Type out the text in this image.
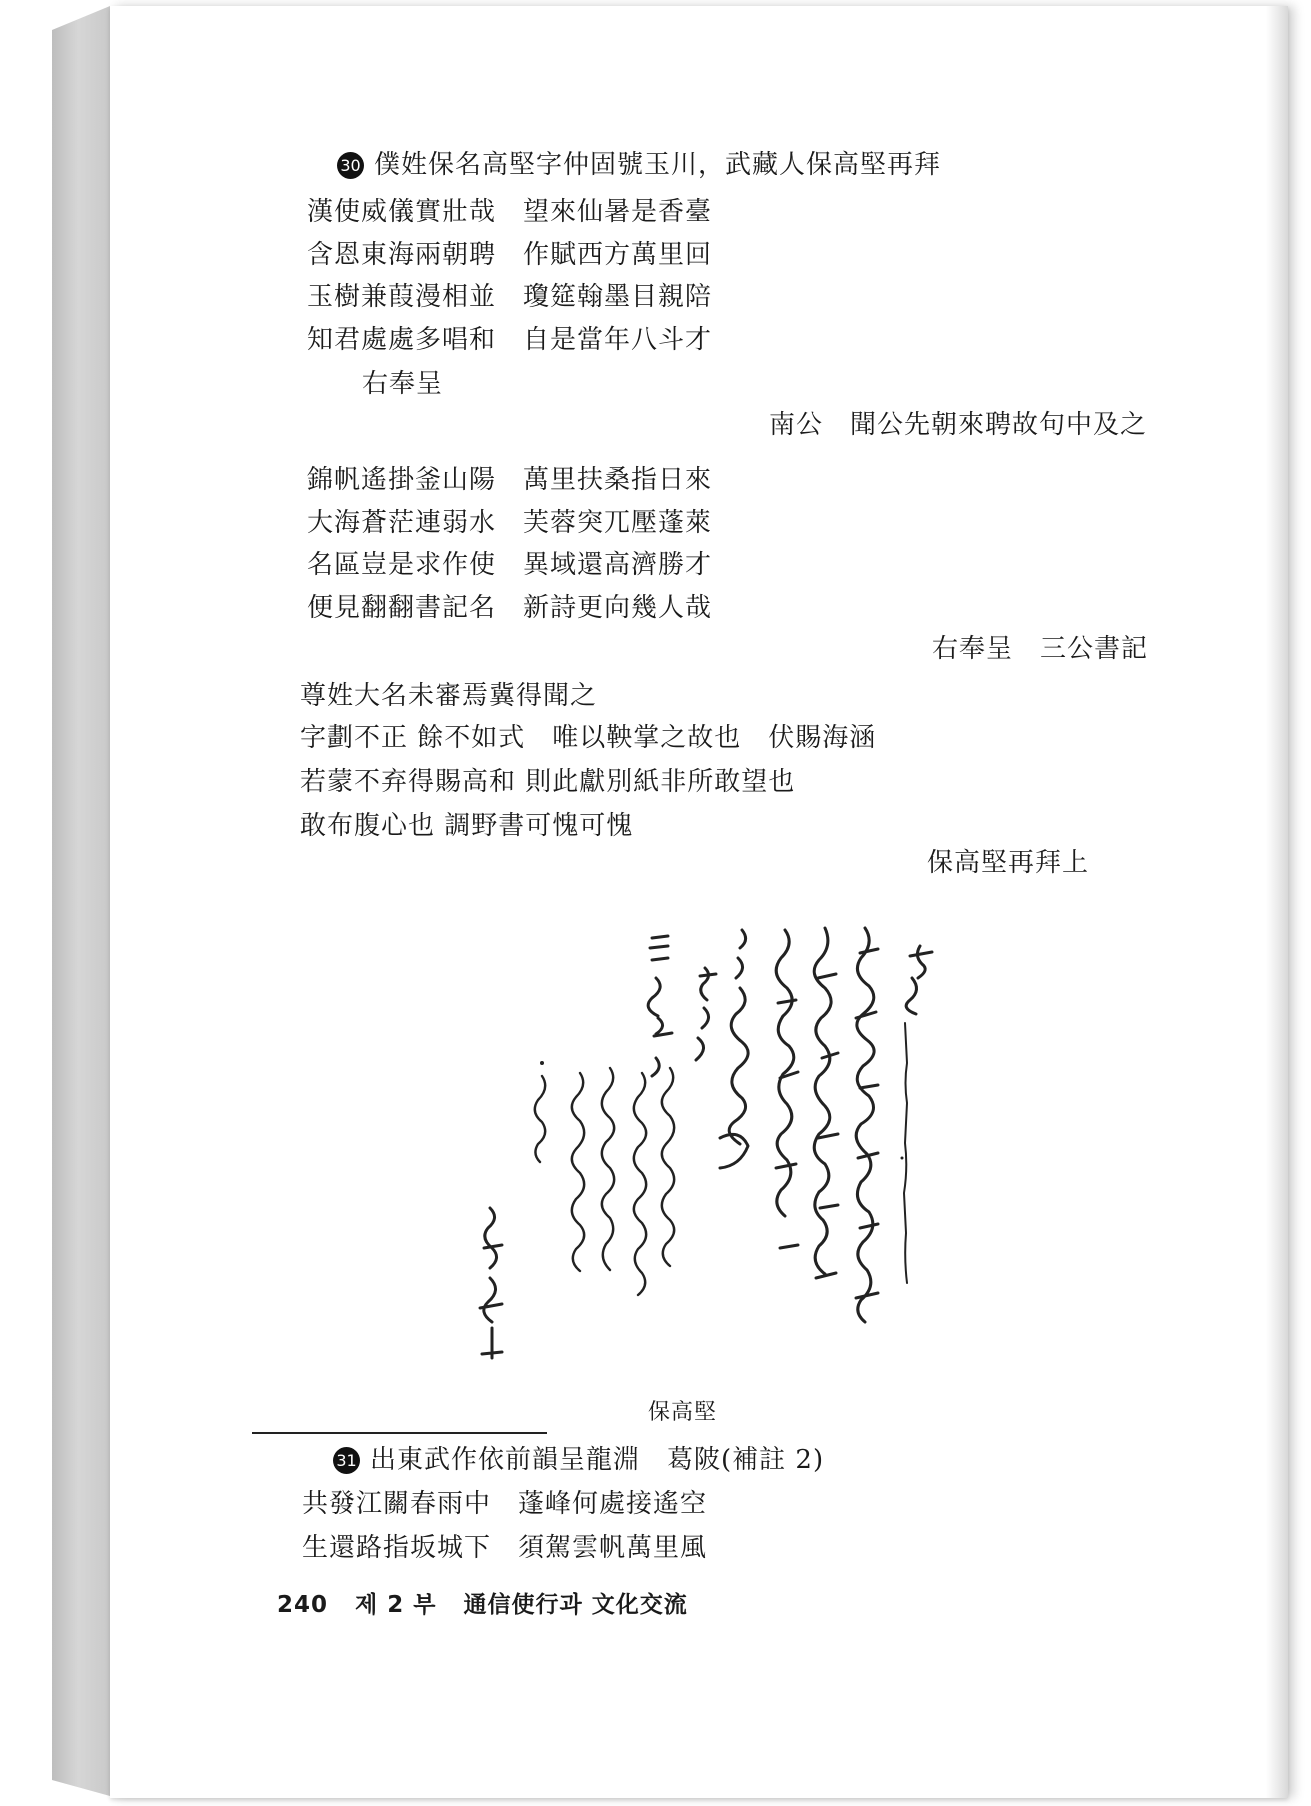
30 僕姓保名高堅字仲固號玉川，武藏人保高堅再拜
漢使威儀實壯哉　望來仙暑是香臺
含恩東海兩朝聘　作賦西方萬里回
玉樹兼葭漫相並　瓊筵翰墨目親陪
知君處處多唱和　自是當年八斗才
右奉呈
南公　聞公先朝來聘故句中及之
錦帆遙掛釜山陽　萬里扶桑指日來
大海蒼茫連弱水　芙蓉突兀壓蓬萊
名區豈是求作使　異域還高濟勝才
便見翻翻書記名　新詩更向幾人哉
右奉呈　三公書記
尊姓大名未審焉冀得聞之
字劃不正 餘不如式　唯以鞅掌之故也　伏賜海涵
若蒙不弃得賜高和 則此獻別紙非所敢望也
敢布腹心也 調野書可愧可愧
保高堅再拜上
保高堅
31 出東武作依前韻呈龍淵　葛陂(補註 2)
共發江關春雨中　蓬峰何處接遙空
生還路指坂城下　須駕雲帆萬里風
240 제 2 부 通信使行과 文化交流
